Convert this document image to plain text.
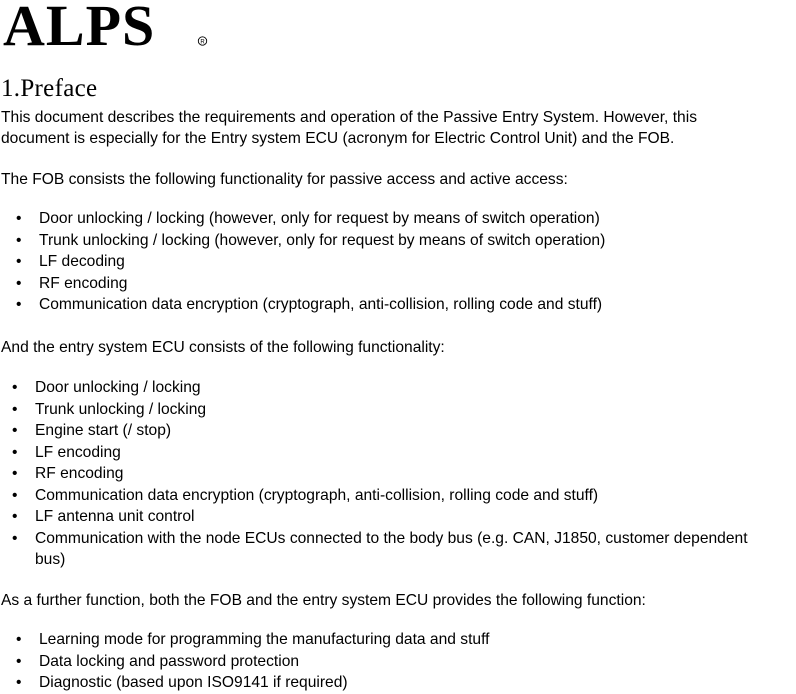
ALPS	R
1.Preface
This document describes the requirements and operation of the Passive Entry System. However, this
document is especially for the Entry system ECU (acronym for Electric Control Unit) and the FOB.
The FOB consists the following functionality for passive access and active access:
• Door unlocking / locking (however, only for request by means of switch operation)
• Trunk unlocking / locking (however, only for request by means of switch operation)
• LF decoding
• RF encoding
• Communication data encryption (cryptograph, anti-collision, rolling code and stuff)
And the entry system ECU consists of the following functionality:
• Door unlocking / locking
• Trunk unlocking / locking
• Engine start (/ stop)
• LF encoding
• RF encoding
• Communication data encryption (cryptograph, anti-collision, rolling code and stuff)
• LF antenna unit control
• Communication with the node ECUs connected to the body bus (e.g. CAN, J1850, customer dependent bus)
As a further function, both the FOB and the entry system ECU provides the following function:
• Learning mode for programming the manufacturing data and stuff
• Data locking and password protection
• Diagnostic (based upon ISO9141 if required)
